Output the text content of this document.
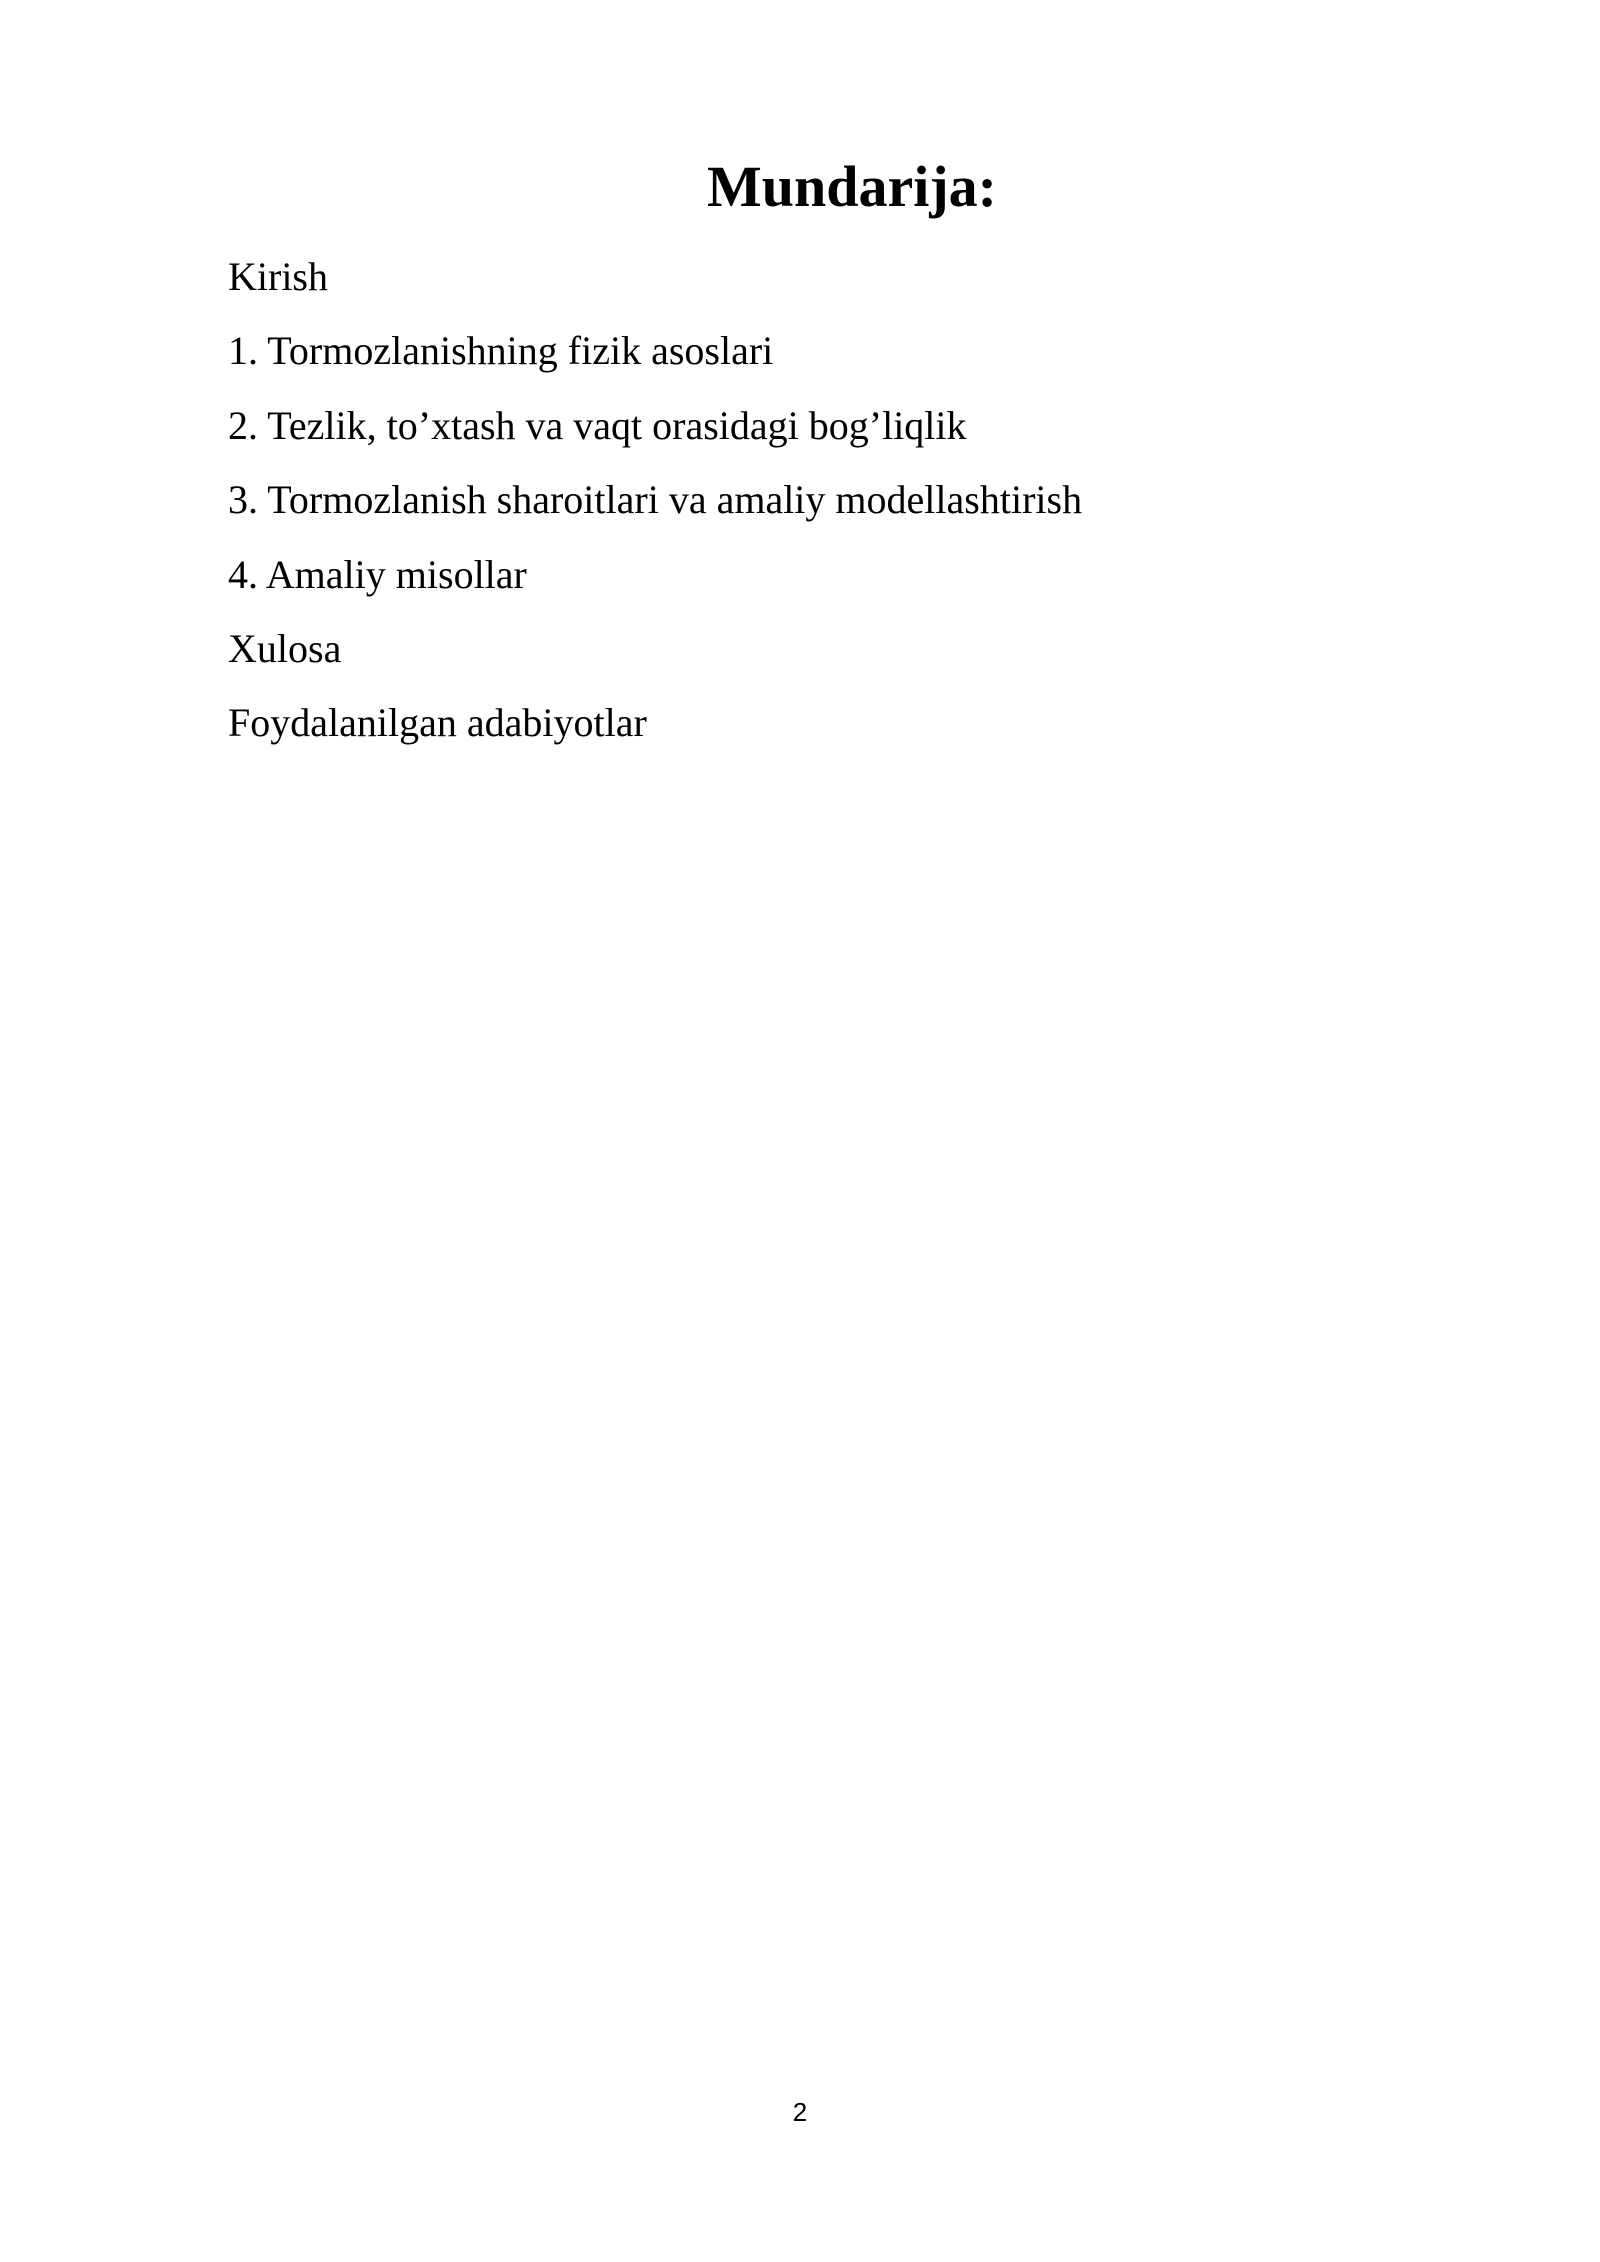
Mundarija:
Kirish
1. Tormozlanishning fizik asoslari
2. Tezlik, to’xtash va vaqt orasidagi bog’liqlik
3. Tormozlanish sharoitlari va amaliy modellashtirish
4. Amaliy misollar
Xulosa
Foydalanilgan adabiyotlar
2
